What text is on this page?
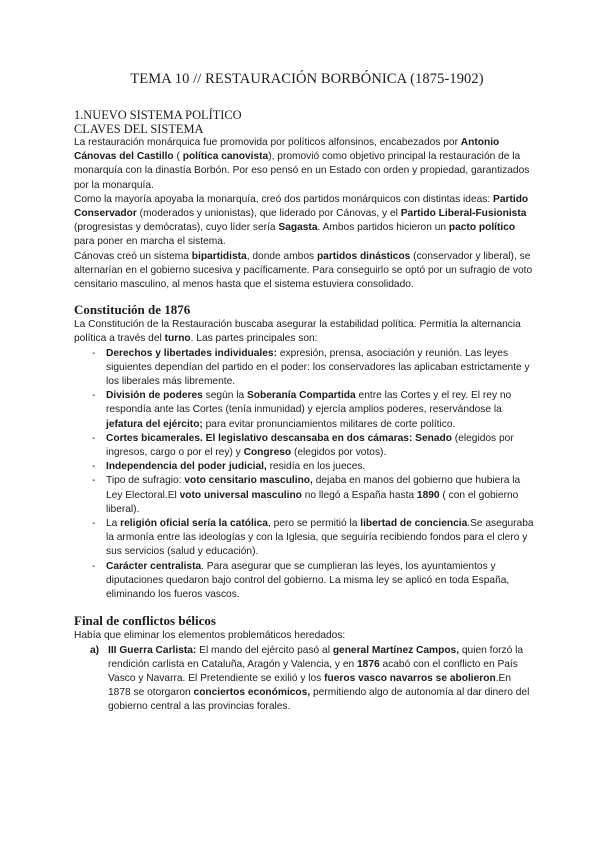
TEMA 10 // RESTAURACIÓN BORBÓNICA (1875-1902)
1.NUEVO SISTEMA POLÍTICO
CLAVES DEL SISTEMA

La restauración monárquica fue promovida por políticos alfonsinos, encabezados por Antonio Cánovas del Castillo ( política canovista), promovió como objetivo principal la restauración de la monarquía con la dinastía Borbón. Por eso pensó en un Estado con orden y propiedad, garantizados por la monarquía.

Como la mayoría apoyaba la monarquía, creó dos partidos monárquicos con distintas ideas: Partido Conservador (moderados y unionistas), que liderado por Cánovas, y el Partido Liberal-Fusionista (progresistas y demócratas), cuyo líder sería Sagasta. Ambos partidos hicieron un pacto político para poner en marcha el sistema.

Cánovas creó un sistema bipartidista, donde ambos partidos dinásticos (conservador y liberal), se alternarían en el gobierno sucesiva y pacíficamente. Para conseguirlo se optó por un sufragio de voto censitario masculino, al menos hasta que el sistema estuviera consolidado.

Constitución de 1876

La Constitución de la Restauración buscaba asegurar la estabilidad política. Permitía la alternancia política a través del turno. Las partes principales son:

- Derechos y libertades individuales: expresión, prensa, asociación y reunión. Las leyes siguientes dependían del partido en el poder: los conservadores las aplicaban estrictamente y los liberales más libremente.
- División de poderes según la Soberanía Compartida entre las Cortes y el rey. El rey no respondía ante las Cortes (tenía inmunidad) y ejercía amplios poderes, reservándose la jefatura del ejército; para evitar pronunciamientos militares de corte político.
- Cortes bicamerales. El legislativo descansaba en dos cámaras: Senado (elegidos por ingresos, cargo o por el rey) y Congreso (elegidos por votos).
- Independencia del poder judicial, residía en los jueces.
- Tipo de sufragio: voto censitario masculino, dejaba en manos del gobierno que hubiera la Ley Electoral.El voto universal masculino no llegó a España hasta 1890 ( con el gobierno liberal).
- La religión oficial sería la católica, pero se permitió la libertad de conciencia.Se aseguraba la armonía entre las ideologías y con la Iglesia, que seguiría recibiendo fondos para el clero y sus servicios (salud y educación).
- Carácter centralista. Para asegurar que se cumplieran las leyes, los ayuntamientos y diputaciones quedaron bajo control del gobierno. La misma ley se aplicó en toda España, eliminando los fueros vascos.
Final de conflictos bélicos

Había que eliminar los elementos problemáticos heredados:

a) III Guerra Carlista: El mando del ejército pasó al general Martínez Campos, quien forzó la rendición carlista en Cataluña, Aragón y Valencia, y en 1876 acabó con el conflicto en País Vasco y Navarra. El Pretendiente se exilió y los fueros vasco navarros se abolieron.En 1878 se otorgaron conciertos económicos, permitiendo algo de autonomía al dar dinero del gobierno central a las provincias forales.
